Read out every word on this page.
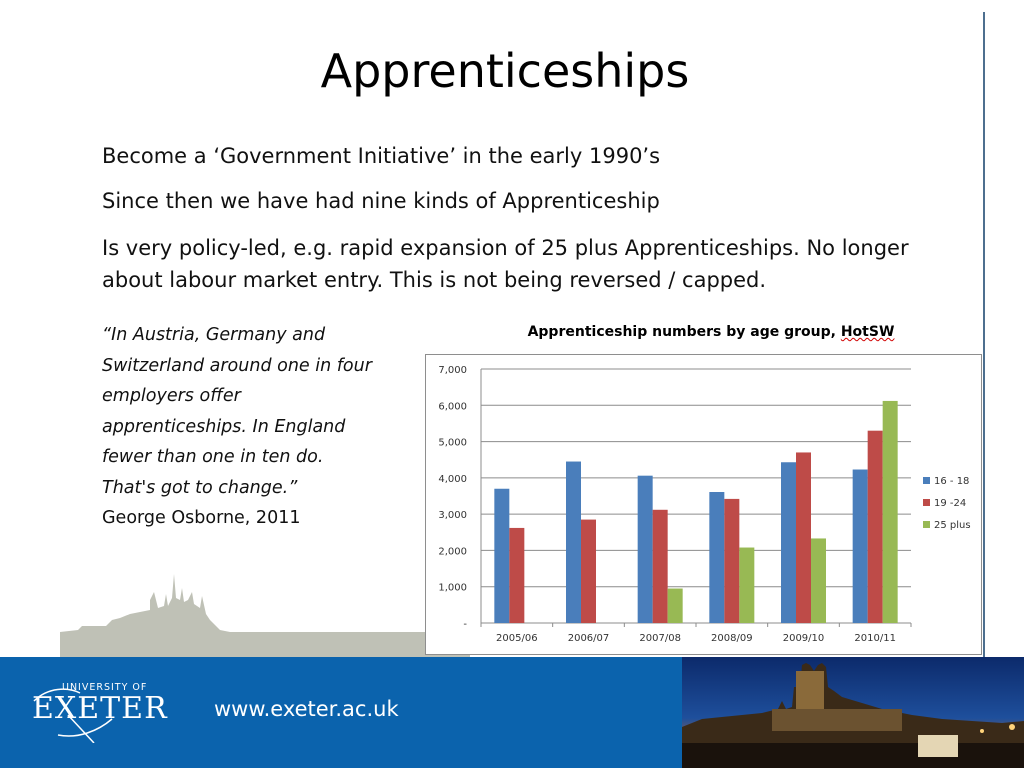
Apprenticeships
Become a ‘Government Initiative’ in the early 1990’s
Since then we have had nine kinds of Apprenticeship
Is very policy-led, e.g. rapid expansion of 25 plus Apprenticeships. No longer about labour market entry. This is not being reversed / capped.
“In Austria, Germany and Switzerland around one in four employers offer apprenticeships. In England fewer than one in ten do. That's got to change.”
George Osborne, 2011
Apprenticeship numbers by age group, HotSW
-
1,000
2,000
3,000
4,000
5,000
6,000
7,000
2005/06	2006/07	2007/08	2008/09	2009/10	2010/11
16 - 18
19 -24
25 plus
UNIVERSITY OF
EXETER www.exeter.ac.uk
